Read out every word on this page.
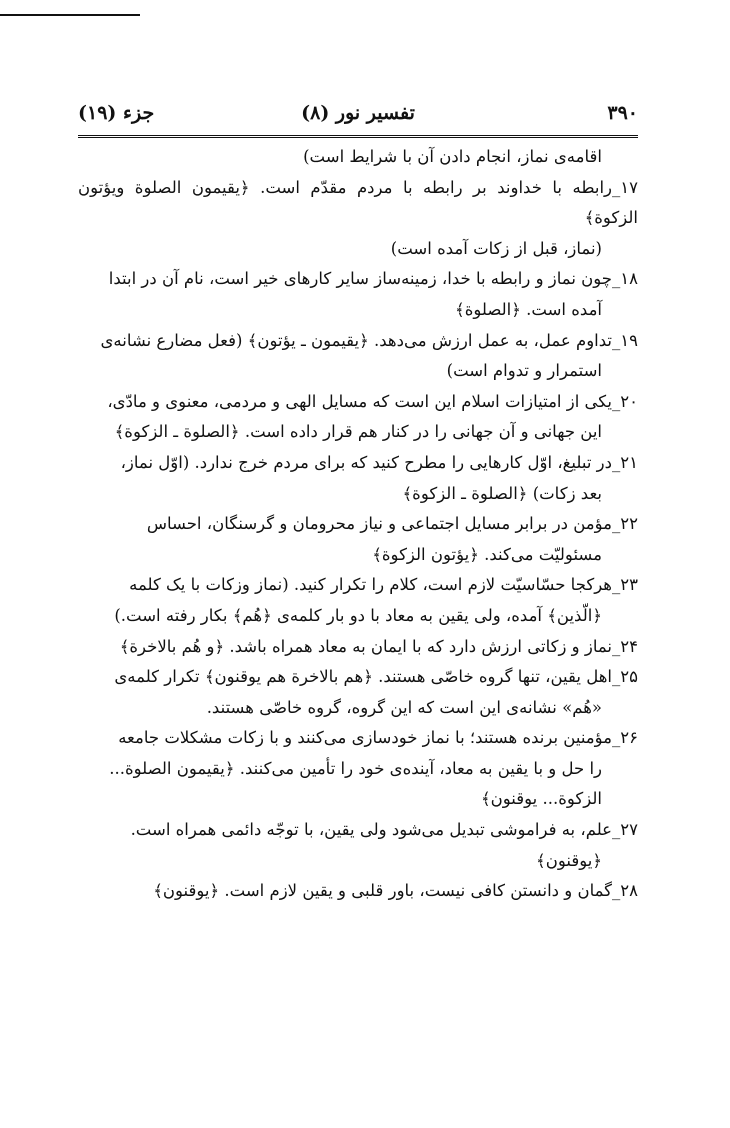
۳۹۰
تفسیر نور (۸)
جزء (۱۹)
اقامه‌ی نماز، انجام دادن آن با شرایط است)
۱۷_رابطه با خداوند بر رابطه با مردم مقدّم است. ﴿یقیمون الصلوة ویؤتون الزکوة﴾
(نماز، قبل از زکات آمده است)
۱۸_چون نماز و رابطه با خدا، زمینه‌ساز سایر کارهای خیر است، نام آن در ابتدا
آمده است. ﴿الصلوة﴾
۱۹_تداوم عمل، به عمل ارزش می‌دهد. ﴿یقیمون ـ یؤتون﴾ (فعل مضارع نشانه‌ی
استمرار و تدوام است)
۲۰_یکی از امتیازات اسلام این است که مسایل الهی و مردمی، معنوی و مادّی،
این جهانی و آن جهانی را در کنار هم قرار داده است. ﴿الصلوة ـ الزکوة﴾
۲۱_در تبلیغ، اوّل کارهایی را مطرح کنید که برای مردم خرج ندارد. (اوّل نماز،
بعد زکات) ﴿الصلوة ـ الزکوة﴾
۲۲_مؤمن در برابر مسایل اجتماعی و نیاز محرومان و گرسنگان، احساس
مسئولیّت می‌کند. ﴿یؤتون الزکوة﴾
۲۳_هرکجا حسّاسیّت لازم است، کلام را تکرار کنید. (نماز وزکات با یک کلمه
﴿الّذین﴾ آمده، ولی یقین به معاد با دو بار کلمه‌ی ﴿هُم﴾ بکار رفته است.)
۲۴_نماز و زکاتی ارزش دارد که با ایمان به معاد همراه باشد. ﴿و هُم بالاخرة﴾
۲۵_اهل یقین، تنها گروه خاصّی هستند. ﴿هم بالاخرة هم یوقنون﴾ تکرار کلمه‌ی
«هُم» نشانه‌ی این است که این گروه، گروه خاصّی هستند.
۲۶_مؤمنین برنده هستند؛ با نماز خودسازی می‌کنند و با زکات مشکلات جامعه
را حل و با یقین به معاد، آینده‌ی خود را تأمین می‌کنند. ﴿یقیمون الصلوة...
الزکوة... یوقنون﴾
۲۷_علم، به فراموشی تبدیل می‌شود ولی یقین، با توجّه دائمی همراه است.
﴿یوقنون﴾
۲۸_گمان و دانستن کافی نیست، باور قلبی و یقین لازم است. ﴿یوقنون﴾
